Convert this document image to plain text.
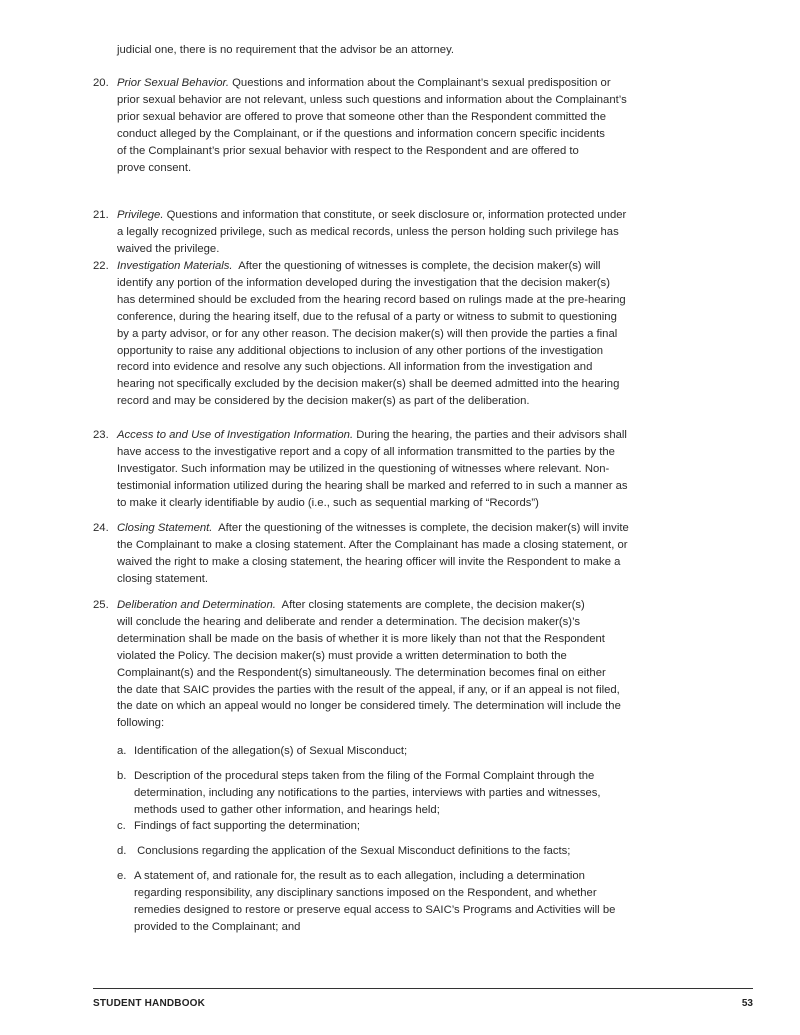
judicial one, there is no requirement that the advisor be an attorney.
20. Prior Sexual Behavior. Questions and information about the Complainant’s sexual predisposition or
prior sexual behavior are not relevant, unless such questions and information about the Complainant’s
prior sexual behavior are offered to prove that someone other than the Respondent committed the
conduct alleged by the Complainant, or if the questions and information concern specific incidents
of the Complainant’s prior sexual behavior with respect to the Respondent and are offered to
prove consent.
21. Privilege. Questions and information that constitute, or seek disclosure or, information protected under
a legally recognized privilege, such as medical records, unless the person holding such privilege has
waived the privilege.
22. Investigation Materials.  After the questioning of witnesses is complete, the decision maker(s) will
identify any portion of the information developed during the investigation that the decision maker(s)
has determined should be excluded from the hearing record based on rulings made at the pre-hearing
conference, during the hearing itself, due to the refusal of a party or witness to submit to questioning
by a party advisor, or for any other reason. The decision maker(s) will then provide the parties a final
opportunity to raise any additional objections to inclusion of any other portions of the investigation
record into evidence and resolve any such objections. All information from the investigation and
hearing not specifically excluded by the decision maker(s) shall be deemed admitted into the hearing
record and may be considered by the decision maker(s) as part of the deliberation.
23. Access to and Use of Investigation Information. During the hearing, the parties and their advisors shall
have access to the investigative report and a copy of all information transmitted to the parties by the
Investigator. Such information may be utilized in the questioning of witnesses where relevant. Non-
testimonial information utilized during the hearing shall be marked and referred to in such a manner as
to make it clearly identifiable by audio (i.e., such as sequential marking of “Records”)
24. Closing Statement.  After the questioning of the witnesses is complete, the decision maker(s) will invite
the Complainant to make a closing statement. After the Complainant has made a closing statement, or
waived the right to make a closing statement, the hearing officer will invite the Respondent to make a
closing statement.
25. Deliberation and Determination.  After closing statements are complete, the decision maker(s)
will conclude the hearing and deliberate and render a determination. The decision maker(s)’s
determination shall be made on the basis of whether it is more likely than not that the Respondent
violated the Policy. The decision maker(s) must provide a written determination to both the
Complainant(s) and the Respondent(s) simultaneously. The determination becomes final on either
the date that SAIC provides the parties with the result of the appeal, if any, or if an appeal is not filed,
the date on which an appeal would no longer be considered timely. The determination will include the
following:
a. Identification of the allegation(s) of Sexual Misconduct;
b. Description of the procedural steps taken from the filing of the Formal Complaint through the
determination, including any notifications to the parties, interviews with parties and witnesses,
methods used to gather other information, and hearings held;
c. Findings of fact supporting the determination;
d. Conclusions regarding the application of the Sexual Misconduct definitions to the facts;
e. A statement of, and rationale for, the result as to each allegation, including a determination
regarding responsibility, any disciplinary sanctions imposed on the Respondent, and whether
remedies designed to restore or preserve equal access to SAIC’s Programs and Activities will be
provided to the Complainant; and
STUDENT HANDBOOK	53
